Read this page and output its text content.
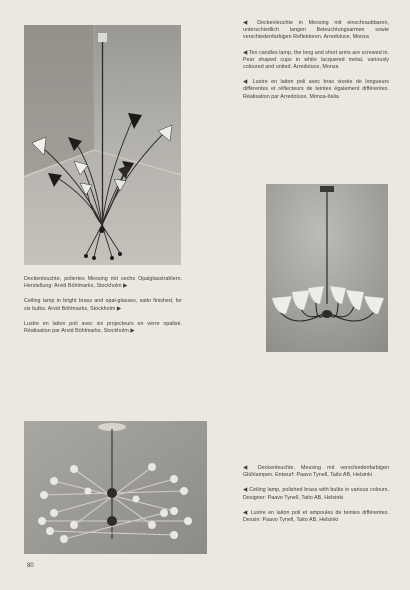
◀ Deckenleuchte in Messing mit einschraubbaren, unterschiedlich langen Beleuchtungsarmen sowie verschiedenfarbigen Reflektoren. Arredoluce, Monza

◀ Ten candles lamp, the long and short arms are screwed in. Pear shaped cups in white lacquered metal, variously coloured and untied. Arredoluce, Monza

◀ Lustre en laiton poli avec bras vissés de longueurs différentes et réflecteurs de teintes également différentes. Réalisation par Arredoluce, Monza-Italia

Deckenleuchte, poliertes Messing mit sechs Opalglasstrahlern. Herstellung: Arvid Böhlmarks, Stockholm ▶

Ceiling lamp in bright brass and opal-glasses, satin finished, for six bulbs. Arvid Böhlmarks, Stockholm ▶

Lustre en laiton poli avec six projecteurs en verre opalisé. Réalisation par Arvid Böhlmarks, Stockholm ▶

◀ Deckenleuchte, Messing mit verschiedenfarbigen Glühlampen. Entwurf: Paavo Tynell, Taito AB, Helsinki

◀ Ceiling lamp, polished brass with bulbs in various colours. Designer: Paavo Tynell, Taito AB, Helsinki

◀ Lustre en laiton poli et ampoules de teintes différentes. Dessin: Paavo Tynell, Taito AB, Helsinki

80
